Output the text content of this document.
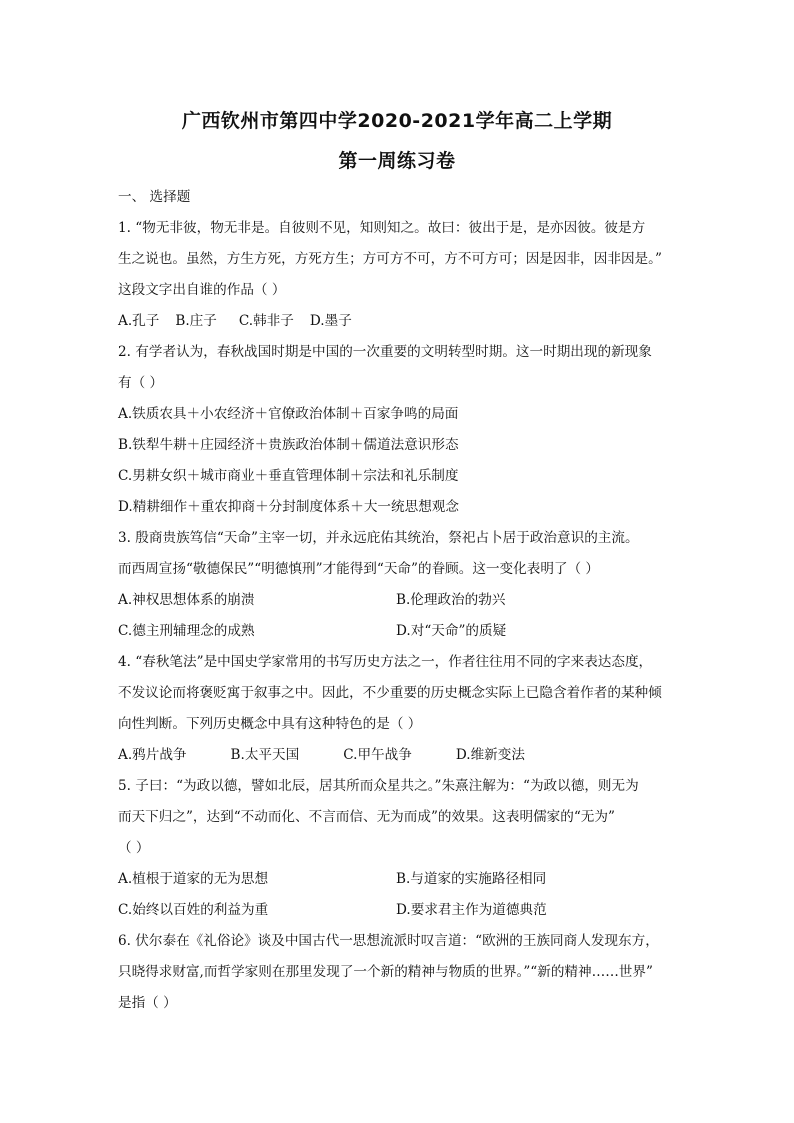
广西钦州市第四中学2020-2021学年高二上学期
第一周练习卷
一、 选择题
1. “物无非彼，物无非是。自彼则不见，知则知之。故曰：彼出于是，是亦因彼。彼是方
生之说也。虽然，方生方死，方死方生；方可方不可，方不可方可；因是因非，因非因是。”
这段文字出自谁的作品（ ）
A.孔子 B.庄子 C.韩非子 D.墨子
2. 有学者认为，春秋战国时期是中国的一次重要的文明转型时期。这一时期出现的新现象
有（ ）
A.铁质农具＋小农经济＋官僚政治体制＋百家争鸣的局面
B.铁犁牛耕＋庄园经济＋贵族政治体制＋儒道法意识形态
C.男耕女织＋城市商业＋垂直管理体制＋宗法和礼乐制度
D.精耕细作＋重农抑商＋分封制度体系＋大一统思想观念
3. 殷商贵族笃信“天命”主宰一切，并永远庇佑其统治，祭祀占卜居于政治意识的主流。
而西周宣扬“敬德保民”“明德慎刑”才能得到“天命”的眷顾。这一变化表明了（ ）
A.神权思想体系的崩溃	B.伦理政治的勃兴
C.德主刑辅理念的成熟	D.对“天命”的质疑
4. “春秋笔法”是中国史学家常用的书写历史方法之一，作者往往用不同的字来表达态度，
不发议论而将褒贬寓于叙事之中。因此，不少重要的历史概念实际上已隐含着作者的某种倾
向性判断。下列历史概念中具有这种特色的是（ ）
A.鸦片战争	B.太平天国	C.甲午战争	D.维新变法
5. 子曰：“为政以德，譬如北辰，居其所而众星共之。”朱熹注解为：“为政以德，则无为
而天下归之”，达到“不动而化、不言而信、无为而成”的效果。这表明儒家的“无为”
（ ）
A.植根于道家的无为思想	B.与道家的实施路径相同
C.始终以百姓的利益为重	D.要求君主作为道德典范
6. 伏尔泰在《礼俗论》谈及中国古代一思想流派时叹言道：“欧洲的王族同商人发现东方，
只晓得求财富,而哲学家则在那里发现了一个新的精神与物质的世界。”“新的精神……世界”
是指（ ）
